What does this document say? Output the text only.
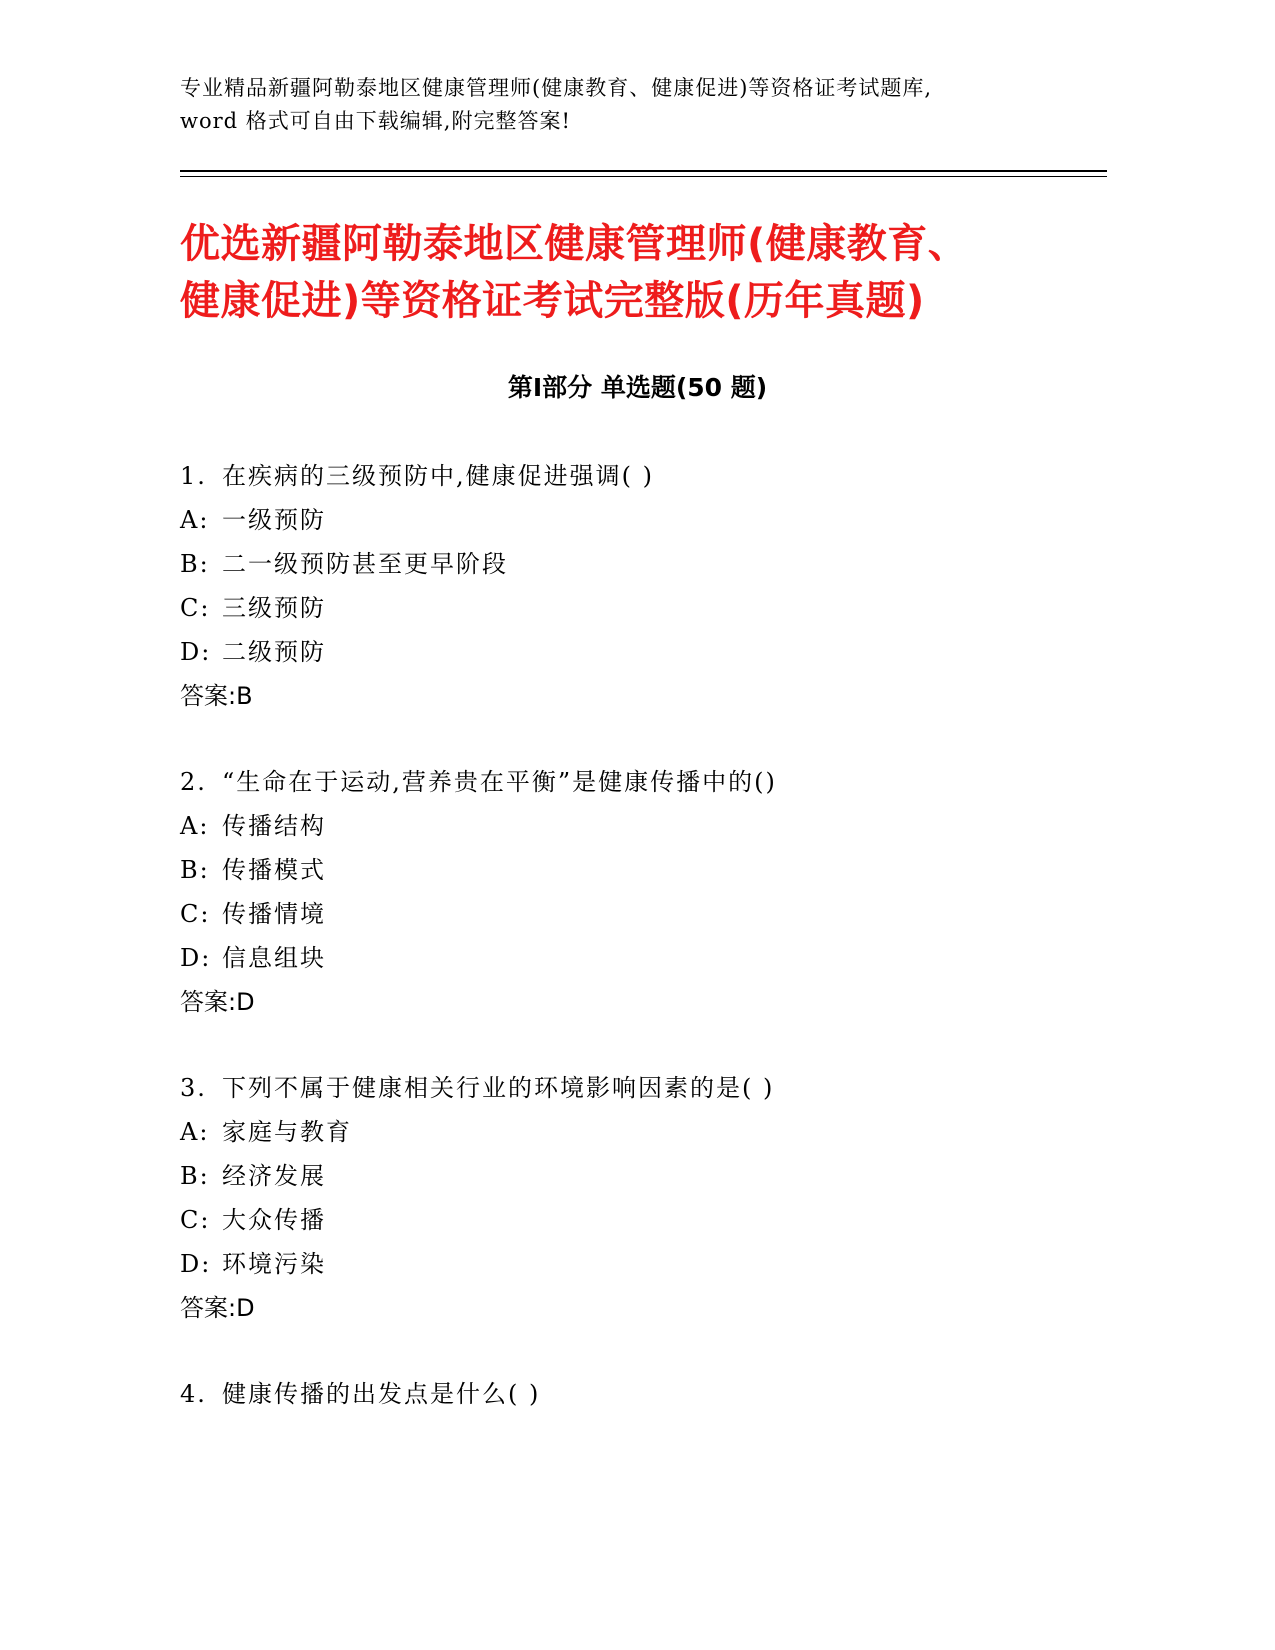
专业精品新疆阿勒泰地区健康管理师(健康教育、健康促进)等资格证考试题库,
word 格式可自由下载编辑,附完整答案!
优选新疆阿勒泰地区健康管理师(健康教育、
健康促进)等资格证考试完整版(历年真题)
第Ⅰ部分 单选题(50 题)
1. 在疾病的三级预防中,健康促进强调( )
A: 一级预防
B: 二一级预防甚至更早阶段
C: 三级预防
D: 二级预防
答案:B
2. “生命在于运动,营养贵在平衡”是健康传播中的()
A: 传播结构
B: 传播模式
C: 传播情境
D: 信息组块
答案:D
3. 下列不属于健康相关行业的环境影响因素的是( )
A: 家庭与教育
B: 经济发展
C: 大众传播
D: 环境污染
答案:D
4. 健康传播的出发点是什么( )
